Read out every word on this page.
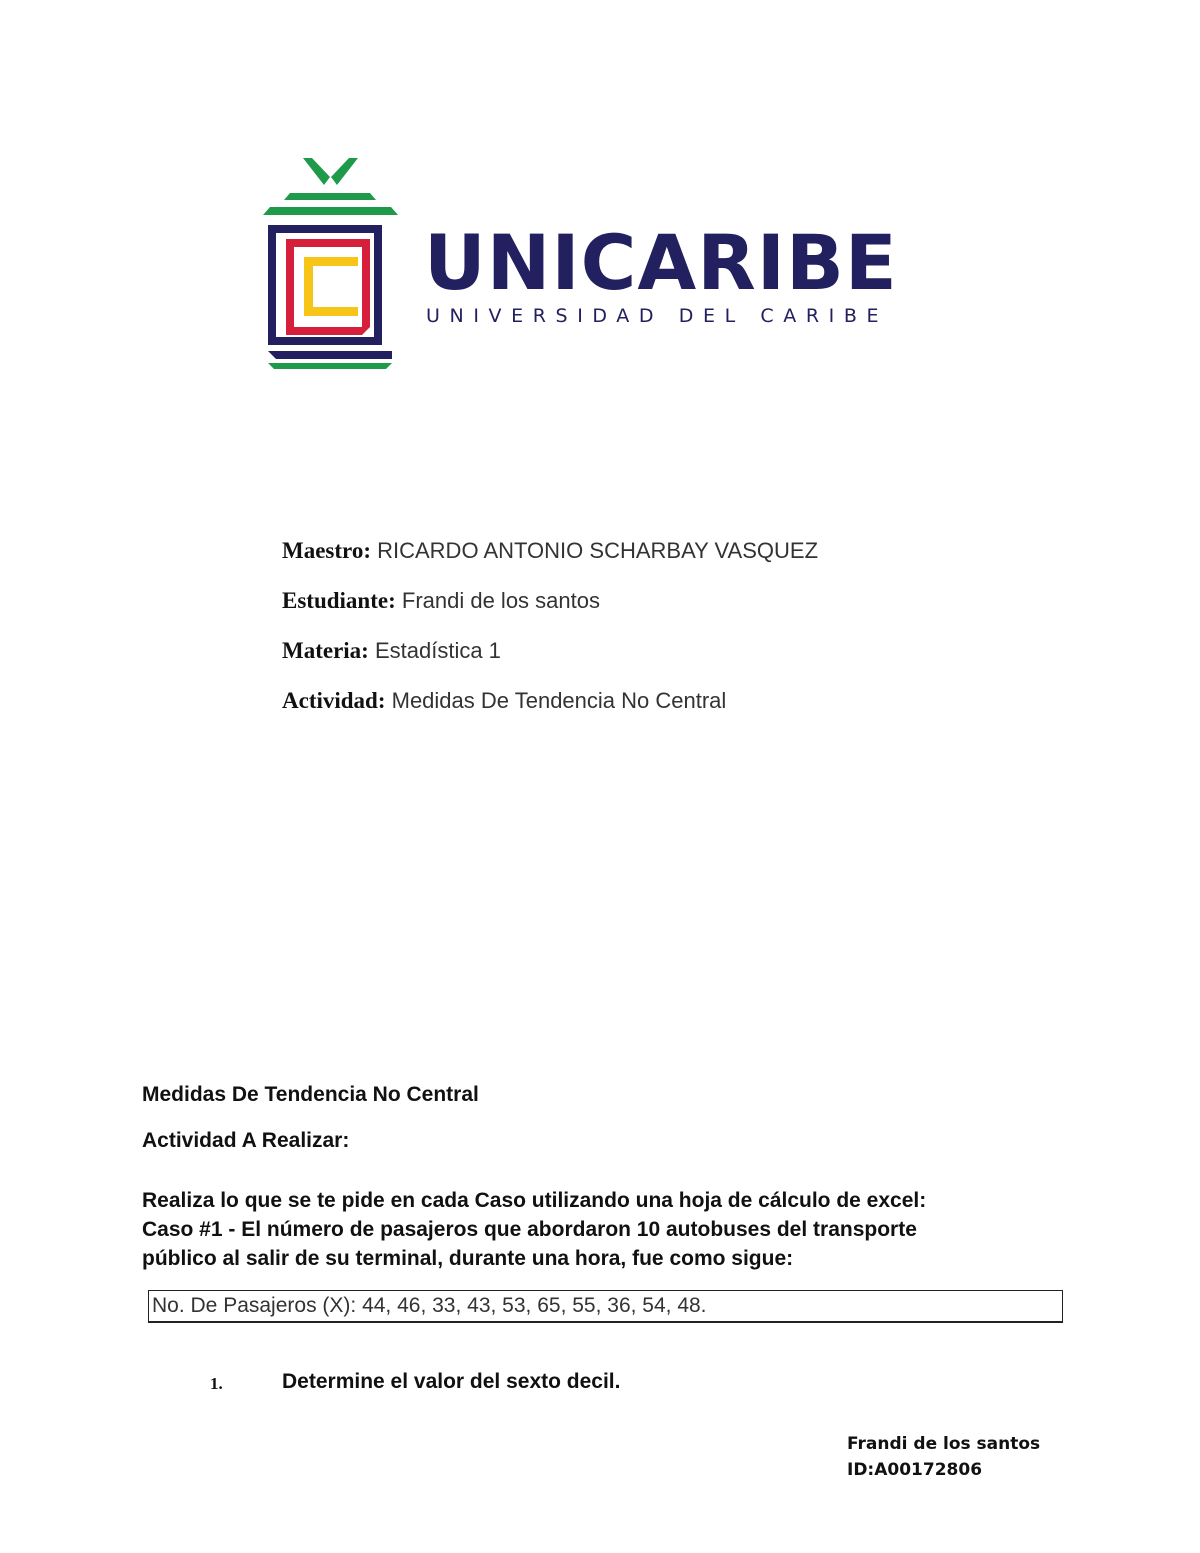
UNICARIBE
UNIVERSIDAD DEL CARIBE
Maestro: RICARDO ANTONIO SCHARBAY VASQUEZ
Estudiante: Frandi de los santos
Materia: Estadística 1
Actividad: Medidas De Tendencia No Central
Medidas De Tendencia No Central
Actividad A Realizar:
Realiza lo que se te pide en cada Caso utilizando una hoja de cálculo de excel:
Caso #1 - El número de pasajeros que abordaron 10 autobuses del transporte
público al salir de su terminal, durante una hora, fue como sigue:
No. De Pasajeros (X): 44, 46, 33, 43, 53, 65, 55, 36, 54, 48.
1.	Determine el valor del sexto decil.
Frandi de los santos
ID:A00172806
